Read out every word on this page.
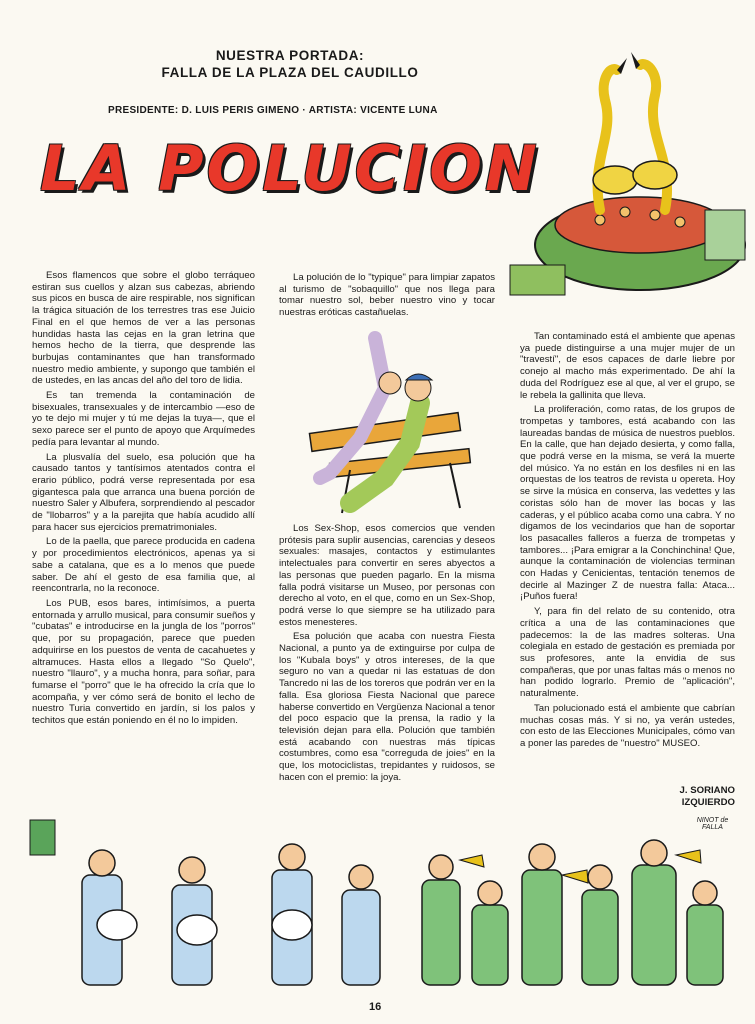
NUESTRA PORTADA:
FALLA DE LA PLAZA DEL CAUDILLO
PRESIDENTE: D. LUIS PERIS GIMENO · ARTISTA: VICENTE LUNA
LA POLUCION

Esos flamencos que sobre el globo terráqueo estiran sus cuellos y alzan sus cabezas, abriendo sus picos en busca de aire respirable, nos significan la trágica situación de los terrestres tras ese Juicio Final en el que hemos de ver a las personas hundidas hasta las cejas en la gran letrina que hemos hecho de la tierra, que desprende las burbujas contaminantes que han transformado nuestro medio ambiente, y supongo que también el de ustedes, en las ancas del año del toro de lidia.

Es tan tremenda la contaminación de bisexuales, transexuales y de intercambio —eso de yo te dejo mi mujer y tú me dejas la tuya—, que el sexo parece ser el punto de apoyo que Arquímedes pedía para levantar al mundo.

La plusvalía del suelo, esa polución que ha causado tantos y tantísimos atentados contra el erario público, podrá verse representada por esa gigantesca pala que arranca una buena porción de nuestro Saler y Albufera, sorprendiendo al pescador de "llobarros" y a la parejita que había acudido allí para hacer sus ejercicios prematrimoniales.

Lo de la paella, que parece producida en cadena y por procedimientos electrónicos, apenas ya si sabe a catalana, que es a lo menos que puede saber. De ahí el gesto de esa familia que, al reencontrarla, no la reconoce.

Los PUB, esos bares, intimísimos, a puerta entornada y arrullo musical, para consumir sueños y "cubatas" e introducirse en la jungla de los "porros" que, por su propagación, parece que pueden adquirirse en los puestos de venta de cacahuetes y altramuces. Hasta ellos a llegado "So Quelo", nuestro "llauro", y a mucha honra, para soñar, para fumarse el "porro" que le ha ofrecido la cría que lo acompaña, y ver cómo será de bonito el lecho de nuestro Turia convertido en jardín, si los palos y techitos que están poniendo en él no lo impiden.

La polución de lo "typique" para limpiar zapatos al turismo de "sobaquillo" que nos llega para tomar nuestro sol, beber nuestro vino y tocar nuestras eróticas castañuelas.

Los Sex-Shop, esos comercios que venden prótesis para suplir ausencias, carencias y deseos sexuales: masajes, contactos y estimulantes intelectuales para convertir en seres abyectos a las personas que pueden pagarlo. En la misma falla podrá visitarse un Museo, por personas con derecho al voto, en el que, como en un Sex-Shop, podrá verse lo que siempre se ha utilizado para estos menesteres.

Esa polución que acaba con nuestra Fiesta Nacional, a punto ya de extinguirse por culpa de los "Kubala boys" y otros intereses, de la que seguro no van a quedar ni las estatuas de don Tancredo ni las de los toreros que podrán ver en la falla. Esa gloriosa Fiesta Nacional que parece haberse convertido en Vergüenza Nacional a tenor del poco espacio que la prensa, la radio y la televisión dejan para ella. Polución que también está acabando con nuestras más típicas costumbres, como esa "correguda de joies" en la que, los motociclistas, trepidantes y ruidosos, se hacen con el premio: la joya.

Tan contaminado está el ambiente que apenas ya puede distinguirse a una mujer mujer de un "travestí", de esos capaces de darle liebre por conejo al macho más experimentado. De ahí la duda del Rodríguez ese al que, al ver el grupo, se le rebela la gallinita que lleva.

La proliferación, como ratas, de los grupos de trompetas y tambores, está acabando con las laureadas bandas de música de nuestros pueblos. En la calle, que han dejado desierta, y como falla, que podrá verse en la misma, se verá la muerte del músico. Ya no están en los desfiles ni en las orquestas de los teatros de revista u opereta. Hoy se sirve la música en conserva, las vedettes y las coristas sólo han de mover las bocas y las caderas, y el público acaba como una cabra. Y no digamos de los vecindarios que han de soportar los pasacalles falleros a fuerza de trompetas y tambores... ¡Para emigrar a la Conchinchina! Que, aunque la contaminación de violencias terminan con Hadas y Cenicientas, tentación tenemos de decirle al Mazinger Z de nuestra falla: Ataca... ¡Puños fuera!

Y, para fin del relato de su contenido, otra crítica a una de las contaminaciones que padecemos: la de las madres solteras. Una colegiala en estado de gestación es premiada por sus profesores, ante la envidia de sus compañeras, que por unas faltas más o menos no han podido lograrlo. Premio de "aplicación", naturalmente.

Tan polucionado está el ambiente que cabrían muchas cosas más. Y si no, ya verán ustedes, con esto de las Elecciones Municipales, cómo van a poner las paredes de "nuestro" MUSEO.

J. SORIANO
IZQUIERDO
NINOT de FALLA
16
